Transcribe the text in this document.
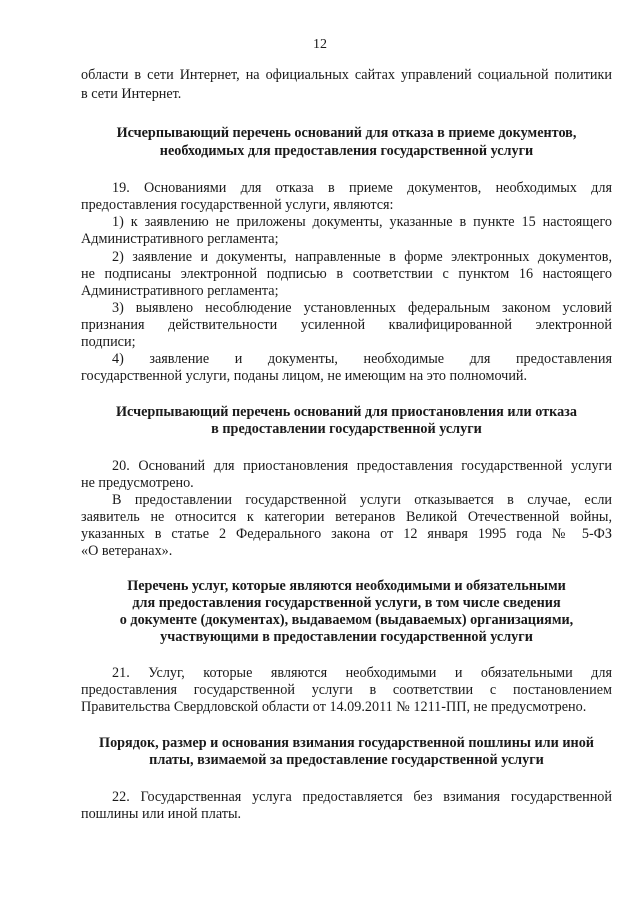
12
области в сети Интернет, на официальных сайтах управлений социальной политики
в сети Интернет.
Исчерпывающий перечень оснований для отказа в приеме документов,
необходимых для предоставления государственной услуги
19. Основаниями для отказа в приеме документов, необходимых для
предоставления государственной услуги, являются:
1) к заявлению не приложены документы, указанные в пункте 15 настоящего
Административного регламента;
2) заявление и документы, направленные в форме электронных документов,
не подписаны электронной подписью в соответствии с пунктом 16 настоящего
Административного регламента;
3) выявлено несоблюдение установленных федеральным законом условий
признания действительности усиленной квалифицированной электронной
подписи;
4) заявление и документы, необходимые для предоставления
государственной услуги, поданы лицом, не имеющим на это полномочий.
Исчерпывающий перечень оснований для приостановления или отказа
в предоставлении государственной услуги
20. Оснований для приостановления предоставления государственной услуги
не предусмотрено.
В предоставлении государственной услуги отказывается в случае, если
заявитель не относится к категории ветеранов Великой Отечественной войны,
указанных в статье 2 Федерального закона от 12 января 1995 года № 5-ФЗ
«О ветеранах».
Перечень услуг, которые являются необходимыми и обязательными
для предоставления государственной услуги, в том числе сведения
о документе (документах), выдаваемом (выдаваемых) организациями,
участвующими в предоставлении государственной услуги
21. Услуг, которые являются необходимыми и обязательными для
предоставления государственной услуги в соответствии с постановлением
Правительства Свердловской области от 14.09.2011 № 1211-ПП, не предусмотрено.
Порядок, размер и основания взимания государственной пошлины или иной
платы, взимаемой за предоставление государственной услуги
22. Государственная услуга предоставляется без взимания государственной
пошлины или иной платы.
